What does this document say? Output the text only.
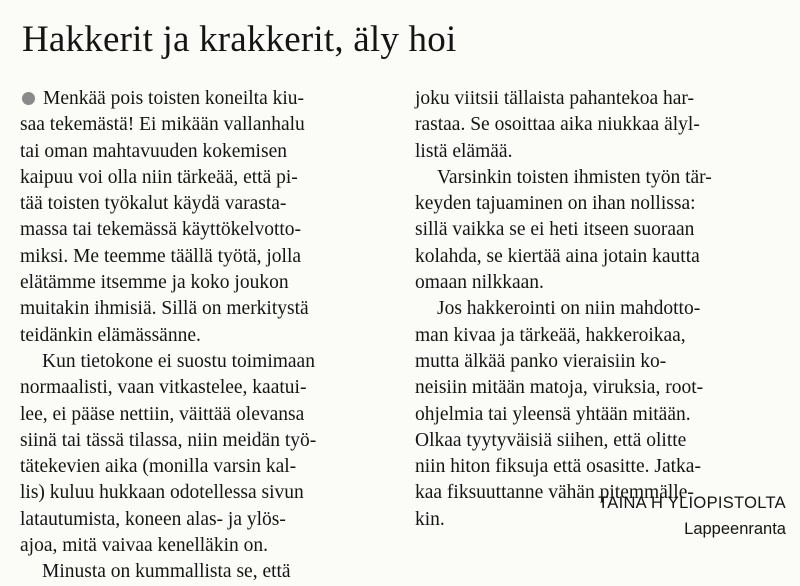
Hakkerit ja krakkerit, äly hoi
Menkää pois toisten koneilta kiu-
saa tekemästä! Ei mikään vallanhalu
tai oman mahtavuuden kokemisen
kaipuu voi olla niin tärkeää, että pi-
tää toisten työkalut käydä varasta-
massa tai tekemässä käyttökelvotto-
miksi. Me teemme täällä työtä, jolla
elätämme itsemme ja koko joukon
muitakin ihmisiä. Sillä on merkitystä
teidänkin elämässänne.
Kun tietokone ei suostu toimimaan
normaalisti, vaan vitkastelee, kaatui-
lee, ei pääse nettiin, väittää olevansa
siinä tai tässä tilassa, niin meidän työ-
tätekevien aika (monilla varsin kal-
lis) kuluu hukkaan odotellessa sivun
latautumista, koneen alas- ja ylös-
ajoa, mitä vaivaa kenelläkin on.
Minusta on kummallista se, että
joku viitsii tällaista pahantekoa har-
rastaa. Se osoittaa aika niukkaa älyl-
listä elämää.
Varsinkin toisten ihmisten työn tär-
keyden tajuaminen on ihan nollissa:
sillä vaikka se ei heti itseen suoraan
kolahda, se kiertää aina jotain kautta
omaan nilkkaan.
Jos hakkerointi on niin mahdotto-
man kivaa ja tärkeää, hakkeroikaa,
mutta älkää panko vieraisiin ko-
neisiin mitään matoja, viruksia, root-
ohjelmia tai yleensä yhtään mitään.
Olkaa tyytyväisiä siihen, että olitte
niin hiton fiksuja että osasitte. Jatka-
kaa fiksuuttanne vähän pitemmälle-
kin.
TAINA H YLIOPISTOLTA
Lappeenranta
